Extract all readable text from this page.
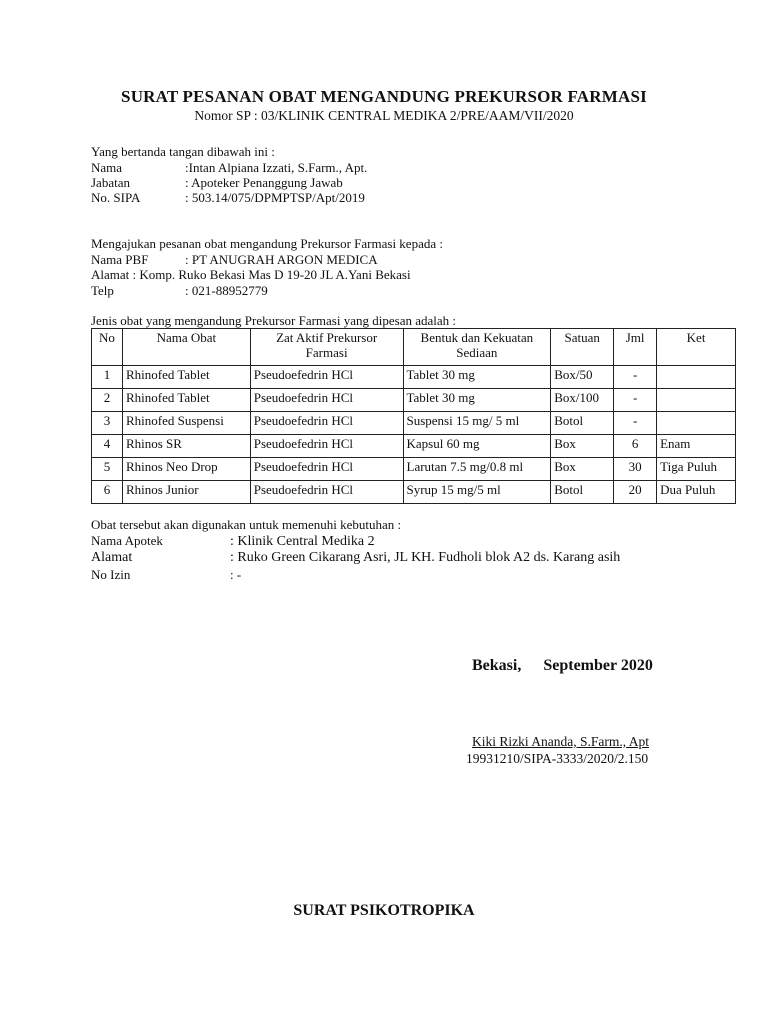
SURAT PESANAN OBAT MENGANDUNG PREKURSOR FARMASI
Nomor SP : 03/KLINIK CENTRAL MEDIKA 2/PRE/AAM/VII/2020
Yang bertanda tangan dibawah ini :
Nama	:Intan Alpiana Izzati, S.Farm., Apt.
Jabatan	: Apoteker Penanggung Jawab
No. SIPA	: 503.14/075/DPMPTSP/Apt/2019
Mengajukan pesanan obat mengandung Prekursor Farmasi kepada :
Nama PBF	: PT ANUGRAH ARGON MEDICA
Alamat : Komp. Ruko Bekasi Mas D 19-20 JL A.Yani Bekasi
Telp	: 021-88952779
Jenis obat yang mengandung Prekursor Farmasi yang dipesan adalah :
No	Nama Obat	Zat Aktif Prekursor Farmasi	Bentuk dan Kekuatan Sediaan	Satuan	Jml	Ket
1	Rhinofed Tablet	Pseudoefedrin HCl	Tablet 30 mg	Box/50	-	
2	Rhinofed Tablet	Pseudoefedrin HCl	Tablet 30 mg	Box/100	-	
3	Rhinofed Suspensi	Pseudoefedrin HCl	Suspensi 15 mg/ 5 ml	Botol	-	
4	Rhinos SR	Pseudoefedrin HCl	Kapsul 60 mg	Box	6	Enam
5	Rhinos Neo Drop	Pseudoefedrin HCl	Larutan 7.5 mg/0.8 ml	Box	30	Tiga Puluh
6	Rhinos Junior	Pseudoefedrin HCl	Syrup 15 mg/5 ml	Botol	20	Dua Puluh
Obat tersebut akan digunakan untuk memenuhi kebutuhan :
Nama Apotek	: Klinik Central Medika 2
Alamat	: Ruko Green Cikarang Asri, JL KH. Fudholi blok A2 ds. Karang asih
No Izin	: -
Bekasi, September 2020
Kiki Rizki Ananda, S.Farm., Apt
19931210/SIPA-3333/2020/2.150
SURAT PSIKOTROPIKA
